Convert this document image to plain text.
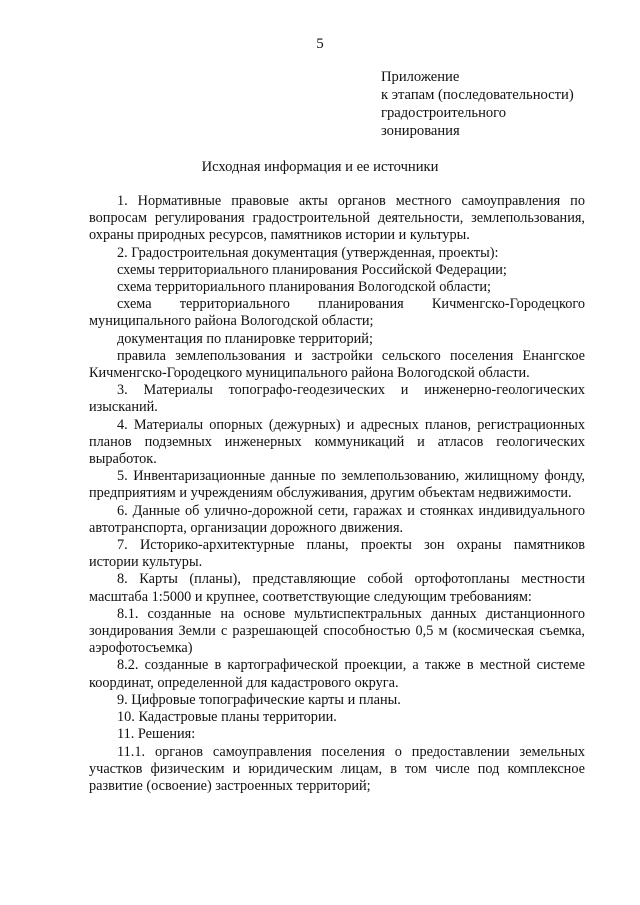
5
Приложение
к этапам (последовательности)
градостроительного
зонирования
Исходная информация и ее источники

1. Нормативные правовые акты органов местного самоуправления по вопросам регулирования градостроительной деятельности, землепользования, охраны природных ресурсов, памятников истории и культуры.

2. Градостроительная документация (утвержденная, проекты):

схемы территориального планирования Российской Федерации;

схема территориального планирования Вологодской области;

схема территориального планирования Кичменгско-Городецкого муниципального района Вологодской области;

документация по планировке территорий;

правила землепользования и застройки сельского поселения Енангское Кичменгско-Городецкого муниципального района Вологодской области.

3. Материалы топографо-геодезических и инженерно-геологических изысканий.

4. Материалы опорных (дежурных) и адресных планов, регистрационных планов подземных инженерных коммуникаций и атласов геологических выработок.

5. Инвентаризационные данные по землепользованию, жилищному фонду, предприятиям и учреждениям обслуживания, другим объектам недвижимости.

6. Данные об улично-дорожной сети, гаражах и стоянках индивидуального автотранспорта, организации дорожного движения.

7. Историко-архитектурные планы, проекты зон охраны памятников истории культуры.

8. Карты (планы), представляющие собой ортофотопланы местности масштаба 1:5000 и крупнее, соответствующие следующим требованиям:

8.1. созданные на основе мультиспектральных данных дистанционного зондирования Земли с разрешающей способностью 0,5 м (космическая съемка, аэрофотосъемка)

8.2. созданные в картографической проекции, а также в местной системе координат, определенной для кадастрового округа.

9. Цифровые топографические карты и планы.

10. Кадастровые планы территории.

11. Решения:

11.1. органов самоуправления поселения о предоставлении земельных участков физическим и юридическим лицам, в том числе под комплексное развитие (освоение) застроенных территорий;
